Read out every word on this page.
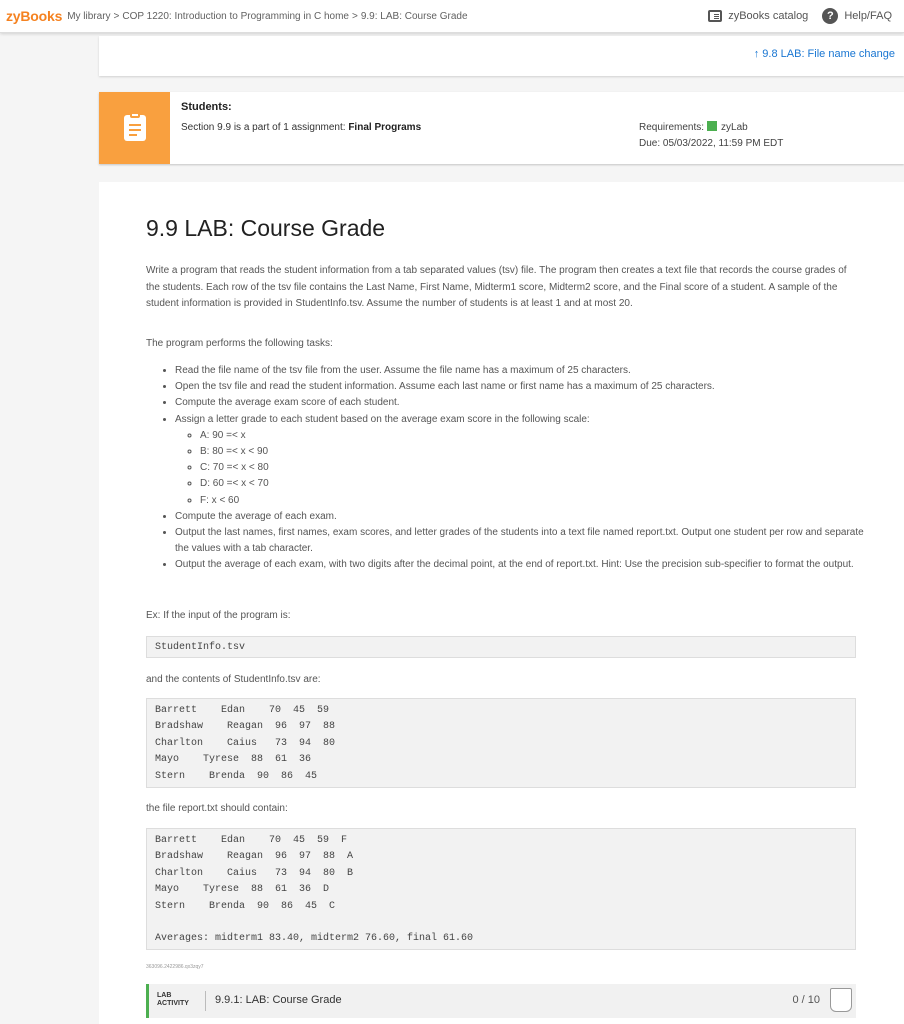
zyBooks My library > COP 1220: Introduction to Programming in C home > 9.9: LAB: Course Grade	zyBooks catalog	? Help/FAQ
↑ 9.8 LAB: File name change
Students:
Section 9.9 is a part of 1 assignment: Final Programs	Requirements: zyLab
Due: 05/03/2022, 11:59 PM EDT
9.9 LAB: Course Grade
Write a program that reads the student information from a tab separated values (tsv) file. The program then creates a text file that records the course grades of the students. Each row of the tsv file contains the Last Name, First Name, Midterm1 score, Midterm2 score, and the Final score of a student. A sample of the student information is provided in StudentInfo.tsv. Assume the number of students is at least 1 and at most 20.
The program performs the following tasks:
• Read the file name of the tsv file from the user. Assume the file name has a maximum of 25 characters.
• Open the tsv file and read the student information. Assume each last name or first name has a maximum of 25 characters.
• Compute the average exam score of each student.
• Assign a letter grade to each student based on the average exam score in the following scale:
◦ A: 90 =< x
◦ B: 80 =< x < 90
◦ C: 70 =< x < 80
◦ D: 60 =< x < 70
◦ F: x < 60
• Compute the average of each exam.
• Output the last names, first names, exam scores, and letter grades of the students into a text file named report.txt. Output one student per row and separate the values with a tab character.
• Output the average of each exam, with two digits after the decimal point, at the end of report.txt. Hint: Use the precision sub-specifier to format the output.
Ex: If the input of the program is:
StudentInfo.tsv
and the contents of StudentInfo.tsv are:
Barrett    Edan    70  45  59
Bradshaw    Reagan  96  97  88
Charlton    Caius   73  94  80
Mayo    Tyrese  88  61  36
Stern    Brenda  90  86  45
the file report.txt should contain:
Barrett    Edan    70  45  59  F
Bradshaw    Reagan  96  97  88  A
Charlton    Caius   73  94  80  B
Mayo    Tyrese  88  61  36  D
Stern    Brenda  90  86  45  C

Averages: midterm1 83.40, midterm2 76.60, final 61.60
363096.2422986.qx3zqy7
LAB
ACTIVITY 9.9.1: LAB: Course Grade	0 / 10
